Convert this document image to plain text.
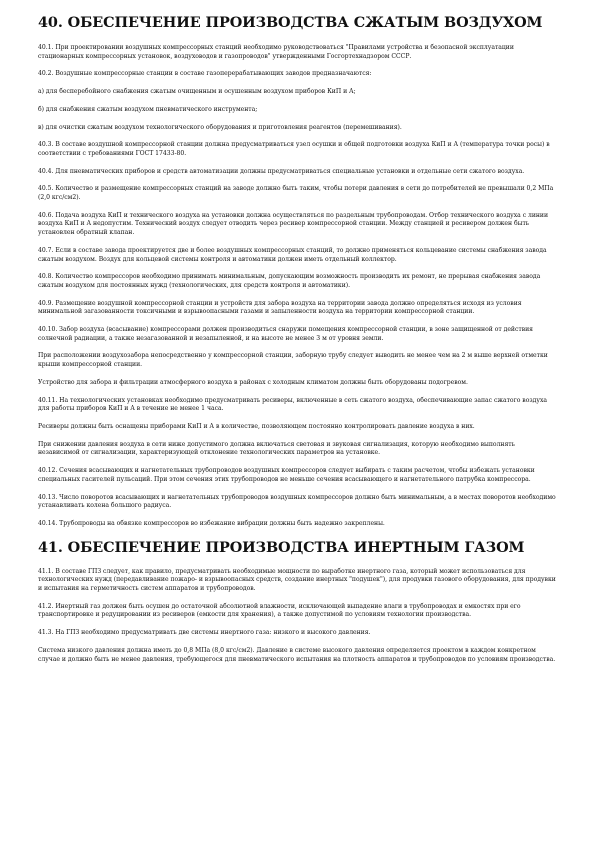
40. ОБЕСПЕЧЕНИЕ ПРОИЗВОДСТВА СЖАТЫМ ВОЗДУХОМ

40.1. При проектировании воздушных компрессорных станций необходимо руководствоваться "Правилами устройства и безопасной эксплуатации стационарных компрессорных установок, воздуховодов и газопроводов" утвержденными Госгортехнадзором СССР.

40.2. Воздушные компрессорные станции в составе газоперерабатывающих заводов предназначаются:

а) для бесперебойного снабжения сжатым очищенным и осушенным воздухом приборов КиП и А;

б) для снабжения сжатым воздухом пневматического инструмента;

в) для очистки сжатым воздухом технологического оборудования и приготовления реагентов (перемешивания).

40.3. В составе воздушной компрессорной станции должна предусматриваться узел осушки и общей подготовки воздуха КиП и А (температура точки росы) в соответствии с требованиями ГОСТ 17433-80.

40.4. Для пневматических приборов и средств автоматизации должны предусматриваться специальные установки и отдельные сети сжатого воздуха.

40.5. Количество и размещение компрессорных станций на заводе должно быть таким, чтобы потери давления в сети до потребителей не превышали 0,2 МПа (2,0 кгс/см2).

40.6. Подача воздуха КиП и технического воздуха на установки должна осуществляться по раздельным трубопроводам. Отбор технического воздуха с линии воздуха КиП и А недопустим. Технический воздух следует отводить через ресивер компрессорной станции. Между станцией и ресивером должен быть установлен обратный клапан.

40.7. Если в составе завода проектируется две и более воздушных компрессорных станций, то должно применяться кольцевание системы снабжения завода сжатым воздухом. Воздух для кольцевой системы контроля и автоматики должен иметь отдельный коллектор.

40.8. Количество компрессоров необходимо принимать минимальным, допускающим возможность производить их ремонт, не прерывая снабжения завода сжатым воздухом для постоянных нужд (технологических, для средств контроля и автоматики).

40.9. Размещение воздушной компрессорной станции и устройств для забора воздуха на территории завода должно определяться исходя из условия минимальной загазованности токсичными и взрывоопасными газами и запыленности воздуха на территории компрессорной станции.

40.10. Забор воздуха (всасывание) компрессорами должен производиться снаружи помещения компрессорной станции, в зоне защищенной от действия солнечной радиации, а также незагазованной и незапыленной, и на высоте не менее 3 м от уровня земли.

При расположении воздухозабора непосредственно у компрессорной станции, заборную трубу следует выводить не менее чем на 2 м выше верхней отметки крыши компрессорной станции.

Устройство для забора и фильтрации атмосферного воздуха в районах с холодным климатом должны быть оборудованы подогревом.

40.11. На технологических установках необходимо предусматривать ресиверы, включенные в сеть сжатого воздуха, обеспечивающие запас сжатого воздуха для работы приборов КиП и А в течение не менее 1 часа.

Ресиверы должны быть оснащены приборами КиП и А в количестве, позволяющем постоянно контролировать давление воздуха в них.

При снижении давления воздуха в сети ниже допустимого должна включаться световая и звуковая сигнализация, которую необходимо выполнять независимой от сигнализации, характеризующей отклонение технологических параметров на установке.

40.12. Сечения всасывающих и нагнетательных трубопроводов воздушных компрессоров следует выбирать с таким расчетом, чтобы избежать установки специальных гасителей пульсаций. При этом сечения этих трубопроводов не меньше сечения всасывающего и нагнетательного патрубка компрессора.

40.13. Число поворотов всасывающих и нагнетательных трубопроводов воздушных компрессоров должно быть минимальным, а в местах поворотов необходимо устанавливать колена большого радиуса.

40.14. Трубопроводы на обвязке компрессоров во избежание вибрации должны быть надежно закреплены.

41. ОБЕСПЕЧЕНИЕ ПРОИЗВОДСТВА ИНЕРТНЫМ ГАЗОМ

41.1. В составе ГПЗ следует, как правило, предусматривать необходимые мощности по выработке инертного газа, который может использоваться для технологических нужд (передавливание пожаро- и взрывоопасных средств, создание инертных "подушек"), для продувки газового оборудования, для продувки и испытания на герметичность систем аппаратов и трубопроводов.

41.2. Инертный газ должен быть осушен до остаточной абсолютной влажности, исключающей выпадение влаги в трубопроводах и емкостях при его транспортировке и редуцировании из ресиверов (емкости для хранения), а также допустимой по условиям технологии производства.

41.3. На ГПЗ необходимо предусматривать две системы инертного газа: низкого и высокого давления.

Система низкого давления должна иметь до 0,8 МПа (8,0 кгс/см2). Давление в системе высокого давления определяется проектом в каждом конкретном случае и должно быть не менее давления, требующегося для пневматического испытания на плотность аппаратов и трубопроводов по условиям производства.
